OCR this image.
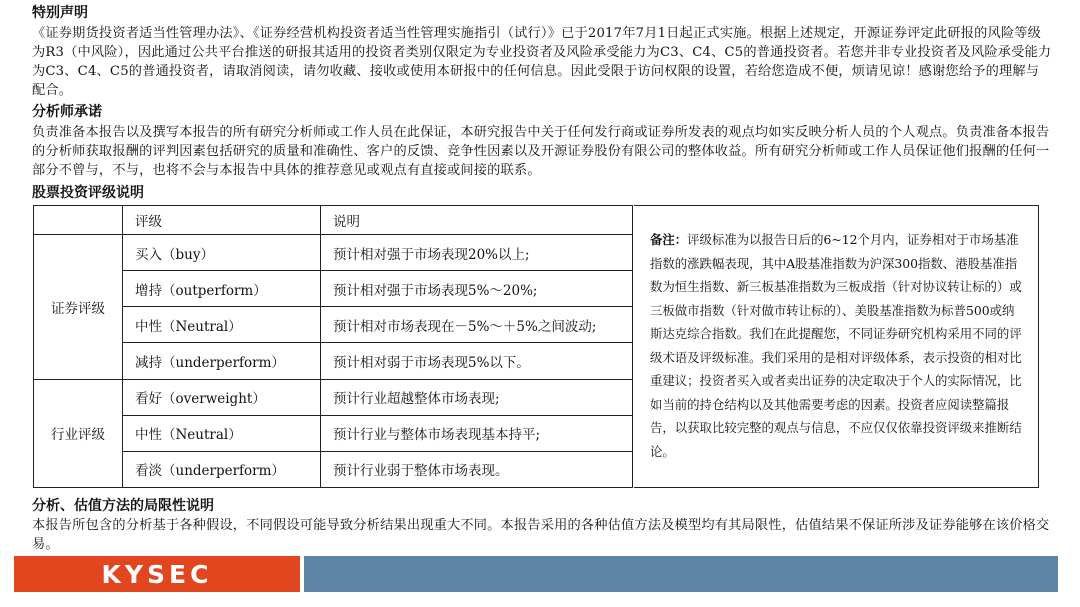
特别声明
《证券期货投资者适当性管理办法》、《证券经营机构投资者适当性管理实施指引（试行）》已于2017年7月1日起正式实施。根据上述规定，开源证券评定此研报的风险等级为R3（中风险），因此通过公共平台推送的研报其适用的投资者类别仅限定为专业投资者及风险承受能力为C3、C4、C5的普通投资者。若您并非专业投资者及风险承受能力为C3、C4、C5的普通投资者，请取消阅读，请勿收藏、接收或使用本研报中的任何信息。因此受限于访问权限的设置，若给您造成不便，烦请见谅！感谢您给予的理解与配合。
分析师承诺
负责准备本报告以及撰写本报告的所有研究分析师或工作人员在此保证，本研究报告中关于任何发行商或证券所发表的观点均如实反映分析人员的个人观点。负责准备本报告的分析师获取报酬的评判因素包括研究的质量和准确性、客户的反馈、竞争性因素以及开源证券股份有限公司的整体收益。所有研究分析师或工作人员保证他们报酬的任何一部分不曾与，不与，也将不会与本报告中具体的推荐意见或观点有直接或间接的联系。
股票投资评级说明
	评级	说明
证券评级	买入（buy）	预计相对强于市场表现20%以上;
	增持（outperform）	预计相对强于市场表现5%～20%;
	中性（Neutral）	预计相对市场表现在－5%～＋5%之间波动;
	减持（underperform）	预计相对弱于市场表现5%以下。
行业评级	看好（overweight）	预计行业超越整体市场表现;
	中性（Neutral）	预计行业与整体市场表现基本持平;
	看淡（underperform）	预计行业弱于整体市场表现。
备注：评级标准为以报告日后的6~12个月内，证券相对于市场基准指数的涨跌幅表现，其中A股基准指数为沪深300指数、港股基准指数为恒生指数、新三板基准指数为三板成指（针对协议转让标的）或三板做市指数（针对做市转让标的）、美股基准指数为标普500或纳斯达克综合指数。我们在此提醒您，不同证券研究机构采用不同的评级术语及评级标准。我们采用的是相对评级体系，表示投资的相对比重建议；投资者买入或者卖出证券的决定取决于个人的实际情况，比如当前的持仓结构以及其他需要考虑的因素。投资者应阅读整篇报告，以获取比较完整的观点与信息，不应仅仅依靠投资评级来推断结论。
分析、估值方法的局限性说明
本报告所包含的分析基于各种假设，不同假设可能导致分析结果出现重大不同。本报告采用的各种估值方法及模型均有其局限性，估值结果不保证所涉及证券能够在该价格交易。
KYSEC
